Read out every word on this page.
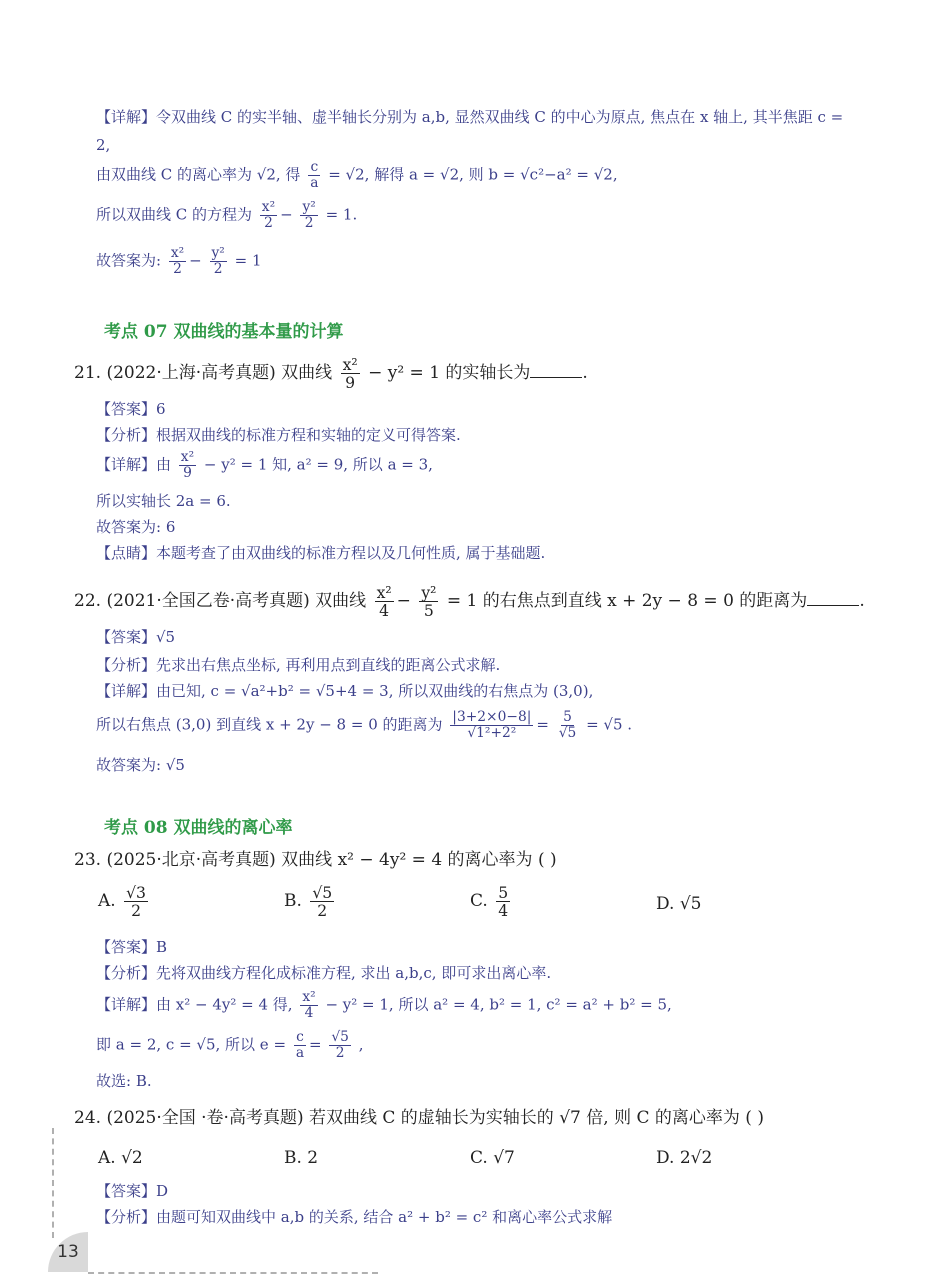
【详解】令双曲线 C 的实半轴、虚半轴长分别为 a,b, 显然双曲线 C 的中心为原点, 焦点在 x 轴上, 其半焦距 c =
2,
由双曲线 C 的离心率为 √2, 得 $\frac{c}{a} = √2$, 解得 a = √2, 则 b = √c²−a² = √2,
所以双曲线 C 的方程为 $\frac{\text{x²}}{2} - \frac{\text{y²}}{2} = 1$.
故答案为: $\frac{\text{x²}}{2} - \frac{\text{y²}}{2} = 1$
考点 07 双曲线的基本量的计算
21. (2022·上海·高考真题) 双曲线 $\frac{\text{x²}}{9} - y^2 = 1$ 的实轴长为	.
【答案】6
【分析】根据双曲线的标准方程和实轴的定义可得答案.
【详解】由 $\frac{\text{x²}}{9} - y^2 = 1$ 知, a² = 9, 所以 a = 3,
所以实轴长 2a = 6.
故答案为: 6
【点睛】本题考查了由双曲线的标准方程以及几何性质, 属于基础题.
22. (2021·全国乙卷·高考真题) 双曲线 $\frac{\text{x²}}{4} - \frac{\text{y²}}{5} = 1$ 的右焦点到直线 x + 2y − 8 = 0 的距离为	.
【答案】√5
【分析】先求出右焦点坐标, 再利用点到直线的距离公式求解.
【详解】由已知, c = √a²+b² = √5+4 = 3, 所以双曲线的右焦点为 (3,0),
所以右焦点 (3,0) 到直线 x + 2y − 8 = 0 的距离为 $\frac{|3+2\times 0-8|}{\text{√1²+2²}} = \frac{5}{√5} = √5$ .
故答案为: √5
考点 08 双曲线的离心率
23. (2025·北京·高考真题) 双曲线 x² − 4y² = 4 的离心率为 ( )
A. $\frac{√3}{2}$	B. $\frac{√5}{2}$	C. $\frac{5}{4}$	D. √5
【答案】B
【分析】先将双曲线方程化成标准方程, 求出 a,b,c, 即可求出离心率.
【详解】由 x² − 4y² = 4 得, $\frac{\text{x²}}{4} - y^2 = 1$, 所以 a² = 4, b² = 1, c² = a² + b² = 5,
即 a = 2, c = √5, 所以 $e = \frac{c}{a} = \frac{√5}{2}$ ,
故选: B.
24. (2025·全国 ·卷·高考真题) 若双曲线 C 的虚轴长为实轴长的 √7 倍, 则 C 的离心率为 ( )
A. √2	B. 2	C. √7	D. 2√2
【答案】D
【分析】由题可知双曲线中 a,b 的关系, 结合 a² + b² = c² 和离心率公式求解
13
